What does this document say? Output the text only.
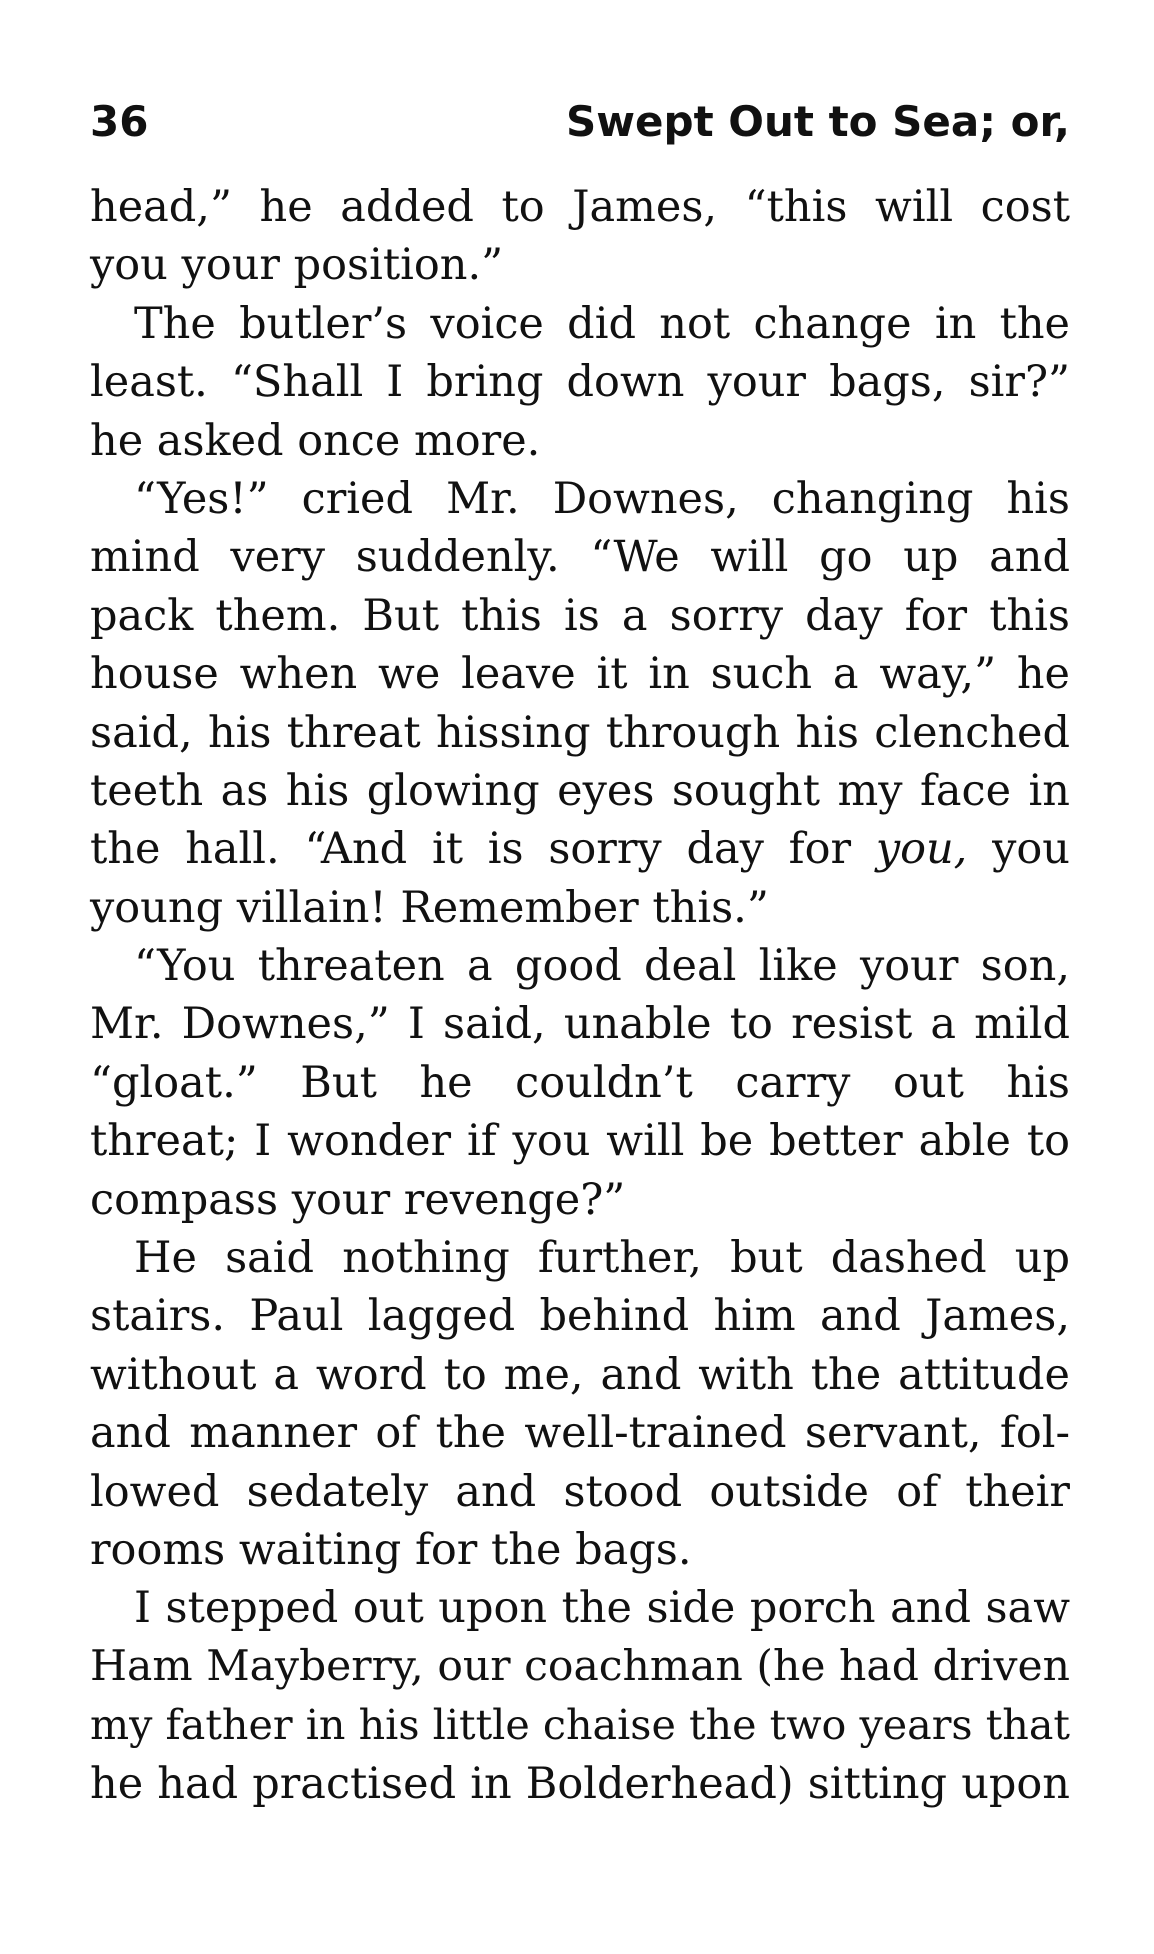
36	Swept Out to Sea; or,
head,” he added to James, “this will cost
you your position.”
The butler’s voice did not change in the
least. “Shall I bring down your bags, sir?”
he asked once more.
“Yes!” cried Mr. Downes, changing his
mind very suddenly. “We will go up and
pack them. But this is a sorry day for this
house when we leave it in such a way,” he
said, his threat hissing through his clenched
teeth as his glowing eyes sought my face in
the hall. “And it is sorry day for you, you
young villain! Remember this.”
“You threaten a good deal like your son,
Mr. Downes,” I said, unable to resist a mild
“gloat.” But he couldn’t carry out his
threat; I wonder if you will be better able to
compass your revenge?”
He said nothing further, but dashed up
stairs. Paul lagged behind him and James,
without a word to me, and with the attitude
and manner of the well-trained servant, fol-
lowed sedately and stood outside of their
rooms waiting for the bags.
I stepped out upon the side porch and saw
Ham Mayberry, our coachman (he had driven
my father in his little chaise the two years that
he had practised in Bolderhead) sitting upon
